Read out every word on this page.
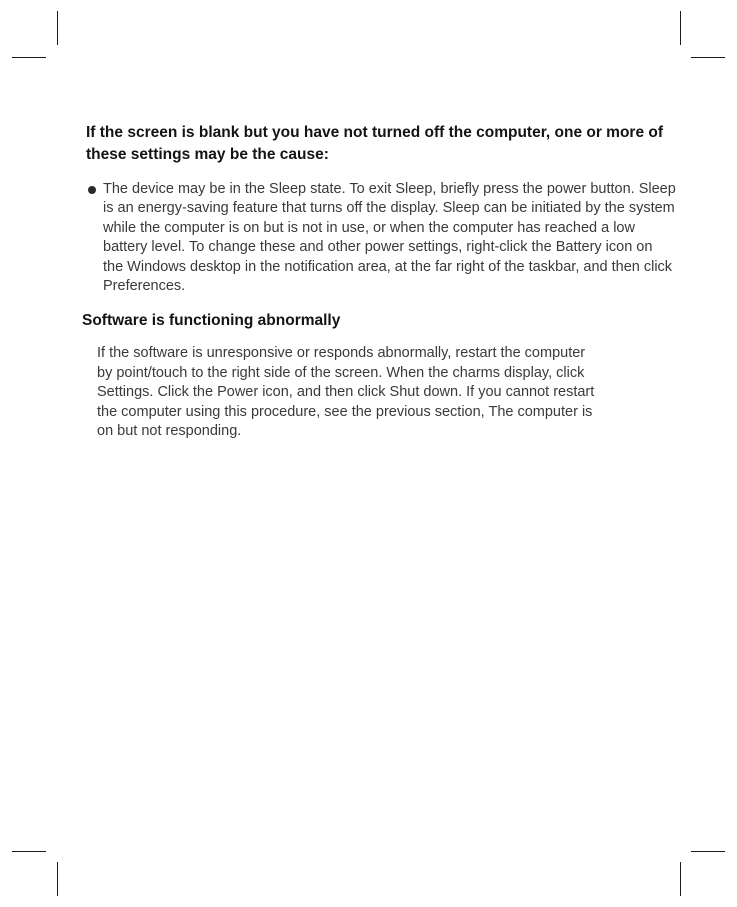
If the screen is blank but you have not turned off the computer, one or more of these settings may be the cause:
The device may be in the Sleep state. To exit Sleep, briefly press the power button. Sleep is an energy-saving feature that turns off the display. Sleep can be initiated by the system while the computer is on but is not in use, or when the computer has reached a low battery level. To change these and other power settings, right-click the Battery icon on the Windows desktop in the notification area, at the far right of the taskbar, and then click Preferences.
Software is functioning abnormally

If the software is unresponsive or responds abnormally, restart the computer by point/touch to the right side of the screen. When the charms display, click Settings. Click the Power icon, and then click Shut down. If you cannot restart the computer using this procedure, see the previous section, The computer is on but not responding.
